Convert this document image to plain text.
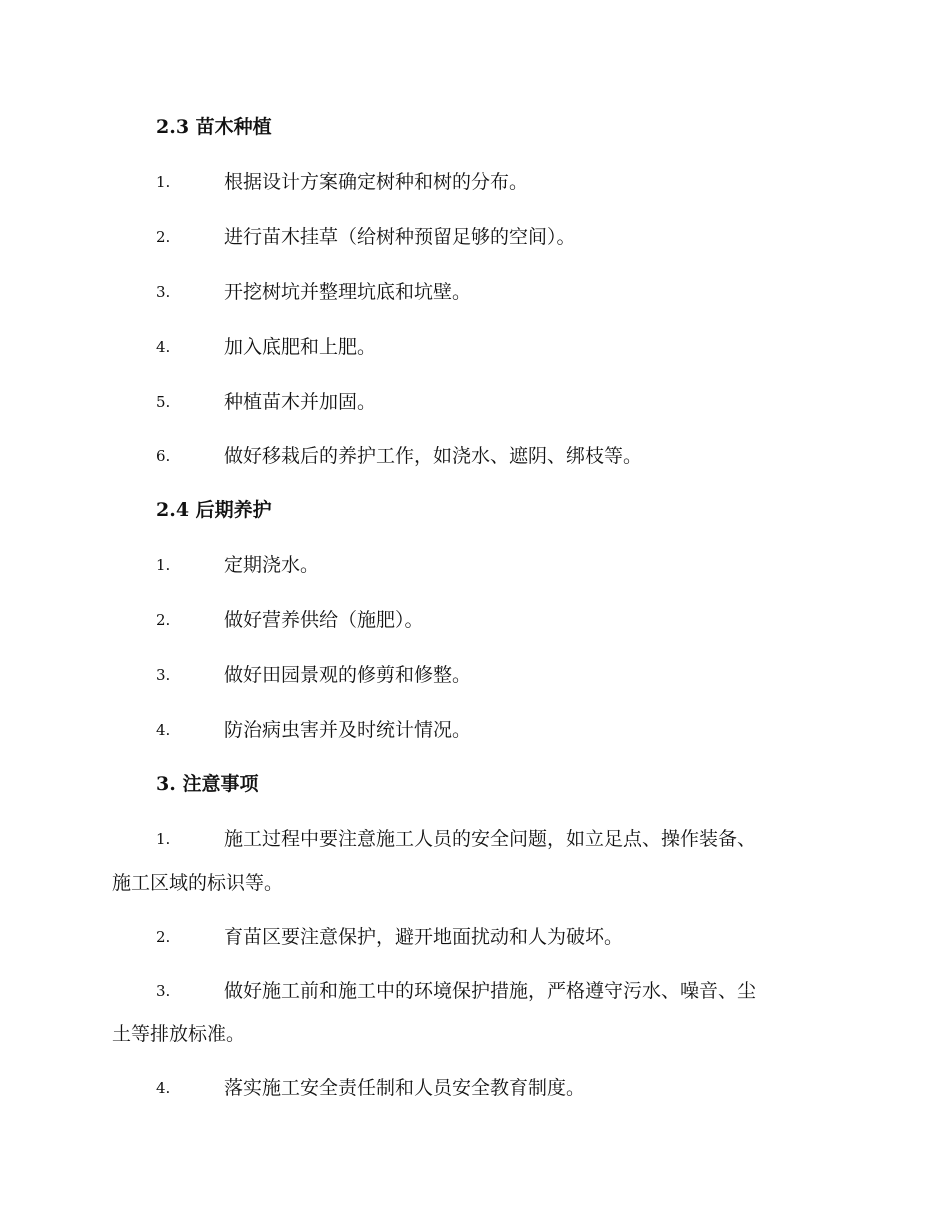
2.3 苗木种植
1.	根据设计方案确定树种和树的分布。
2.	进行苗木挂草（给树种预留足够的空间）。
3.	开挖树坑并整理坑底和坑壁。
4.	加入底肥和上肥。
5.	种植苗木并加固。
6.	做好移栽后的养护工作，如浇水、遮阴、绑枝等。
2.4 后期养护
1.	定期浇水。
2.	做好营养供给（施肥）。
3.	做好田园景观的修剪和修整。
4.	防治病虫害并及时统计情况。
3. 注意事项
1.	施工过程中要注意施工人员的安全问题，如立足点、操作装备、
施工区域的标识等。
2.	育苗区要注意保护，避开地面扰动和人为破坏。
3.	做好施工前和施工中的环境保护措施，严格遵守污水、噪音、尘
土等排放标准。
4.	落实施工安全责任制和人员安全教育制度。
